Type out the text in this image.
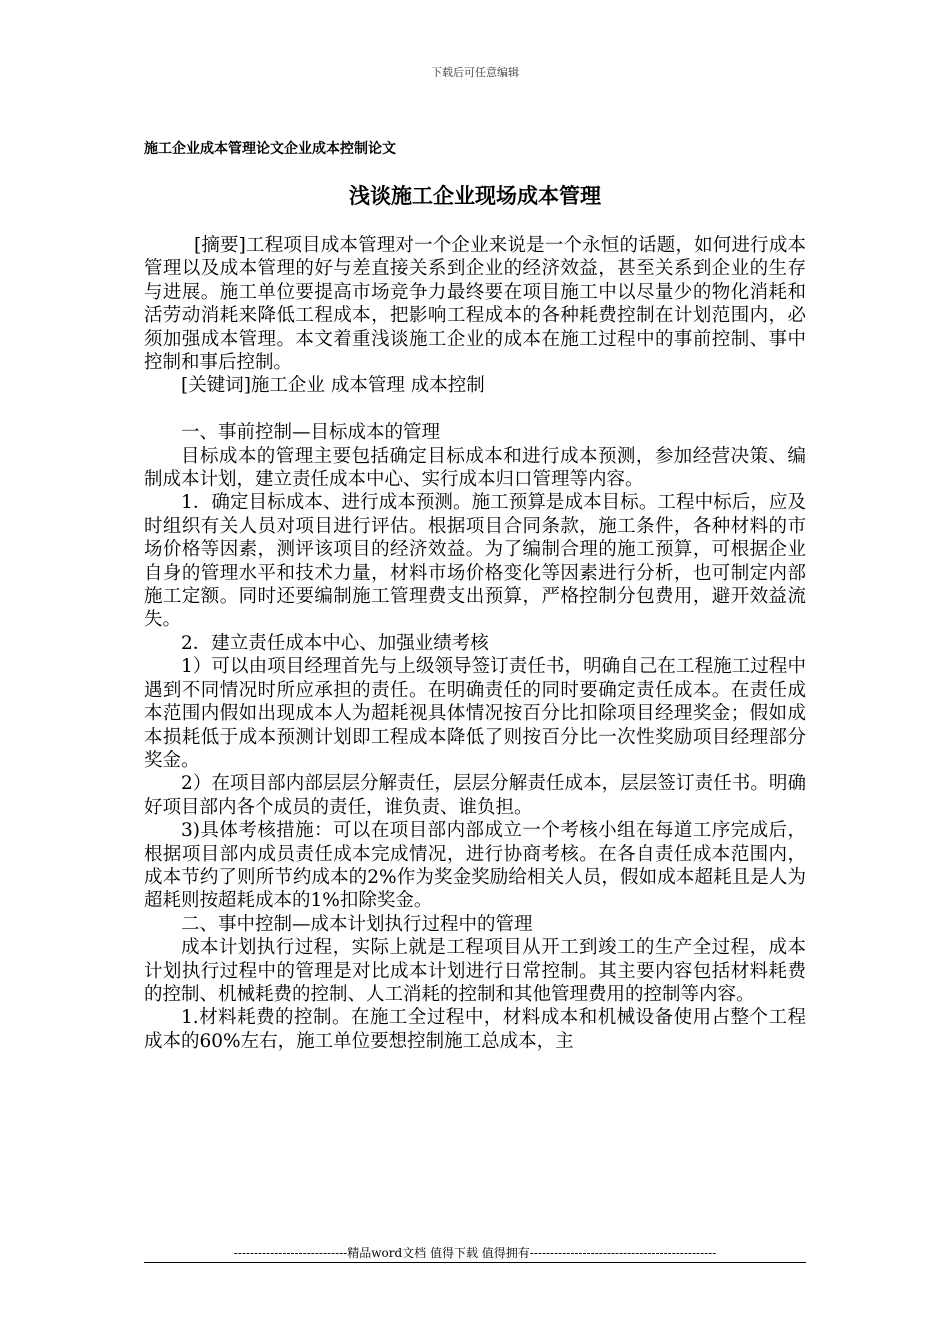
下载后可任意编辑
施工企业成本管理论文企业成本控制论文
浅谈施工企业现场成本管理

[摘要]工程项目成本管理对一个企业来说是一个永恒的话题，如何进行成本管理以及成本管理的好与差直接关系到企业的经济效益，甚至关系到企业的生存与进展。施工单位要提高市场竞争力最终要在项目施工中以尽量少的物化消耗和活劳动消耗来降低工程成本，把影响工程成本的各种耗费控制在计划范围内，必须加强成本管理。本文着重浅谈施工企业的成本在施工过程中的事前控制、事中控制和事后控制。

[关键词]施工企业 成本管理 成本控制

一、事前控制—目标成本的管理

目标成本的管理主要包括确定目标成本和进行成本预测，参加经营决策、编制成本计划，建立责任成本中心、实行成本归口管理等内容。

1．确定目标成本、进行成本预测。施工预算是成本目标。工程中标后，应及时组织有关人员对项目进行评估。根据项目合同条款，施工条件，各种材料的市场价格等因素，测评该项目的经济效益。为了编制合理的施工预算，可根据企业自身的管理水平和技术力量，材料市场价格变化等因素进行分析，也可制定内部施工定额。同时还要编制施工管理费支出预算，严格控制分包费用，避开效益流失。

2．建立责任成本中心、加强业绩考核

1）可以由项目经理首先与上级领导签订责任书，明确自己在工程施工过程中遇到不同情况时所应承担的责任。在明确责任的同时要确定责任成本。在责任成本范围内假如出现成本人为超耗视具体情况按百分比扣除项目经理奖金；假如成本损耗低于成本预测计划即工程成本降低了则按百分比一次性奖励项目经理部分奖金。

2）在项目部内部层层分解责任，层层分解责任成本，层层签订责任书。明确好项目部内各个成员的责任，谁负责、谁负担。

3)具体考核措施：可以在项目部内部成立一个考核小组在每道工序完成后，根据项目部内成员责任成本完成情况，进行协商考核。在各自责任成本范围内，成本节约了则所节约成本的2%作为奖金奖励给相关人员，假如成本超耗且是人为超耗则按超耗成本的1%扣除奖金。

二、事中控制—成本计划执行过程中的管理

成本计划执行过程，实际上就是工程项目从开工到竣工的生产全过程，成本计划执行过程中的管理是对比成本计划进行日常控制。其主要内容包括材料耗费的控制、机械耗费的控制、人工消耗的控制和其他管理费用的控制等内容。

1.材料耗费的控制。在施工全过程中，材料成本和机械设备使用占整个工程成本的60%左右，施工单位要想控制施工总成本，主

----------------------------精品word文档 值得下载 值得拥有----------------------------------------------
